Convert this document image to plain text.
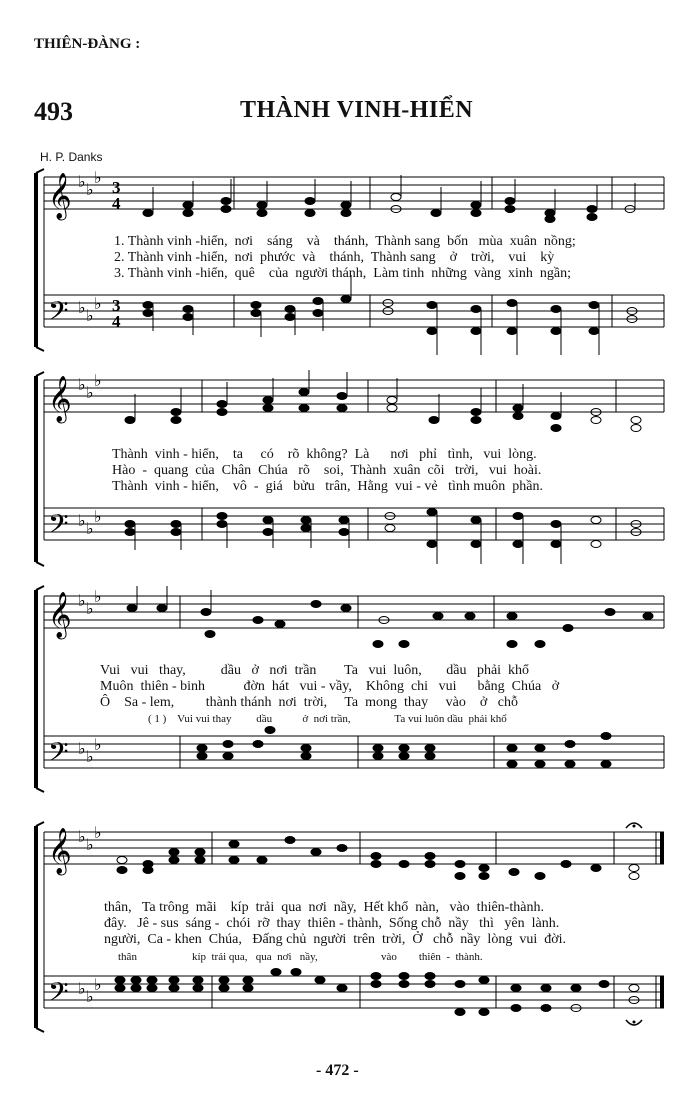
THIÊN-ĐÀNG :
493	THÀNH VINH-HIỂN
H. P. Danks
𝄞
𝄢
♭ ♭
♭
♭ ♭
♭
3
4
3
4
1. Thành vinh -hiển,  nơi    sáng    và    thánh,  Thành sang  bốn   mùa  xuân  nồng;
2. Thành vinh -hiển,  nơi  phước  và    thánh,  Thành sang    ở    trời,    vui    kỳ
3. Thành vinh -hiển,  quê    của  người thánh,  Làm tinh  những  vàng  xinh  ngần;
𝄞
𝄢
♭ ♭
♭
♭ ♭
♭
Thành  vinh - hiển,    ta     có    rõ  không?  Là      nơi   phỉ   tình,   vui  lòng.
Hào  -  quang  của  Chân  Chúa   rõ    soi,  Thành  xuân  cõi   trời,   vui  hoài.
Thành  vinh - hiển,    vô  -  giá   bửu   trân,  Hằng  vui - vẻ   tình muôn  phần.
𝄞
𝄢
♭ ♭
♭
♭ ♭
♭
Vui   vui   thay,          dầu   ở   nơi  trần        Ta   vui  luôn,       dầu   phải  khổ
Muôn  thiên - binh           đờn  hát   vui - vầy,    Không  chi   vui      bằng  Chúa   ở
Ô    Sa - lem,         thành thánh  nơi  trời,     Ta  mong  thay     vào    ở   chỗ
( 1 )    Vui vui thay         dầu           ở  nơi trần,                Ta vui luôn dầu  phải khổ
𝄞
𝄢
♭ ♭
♭
♭ ♭
♭
thân,   Ta trông  mãi    kíp  trải  qua  nơi  nầy,  Hết khổ  nàn,   vào  thiên-thành.
đây.   Jê - sus  sáng -  chói  rỡ  thay  thiên - thành,  Sống chỗ  nầy   thì   yên  lành.
người,  Ca - khen  Chúa,   Đấng chủ  người  trên  trời,  Ở   chỗ  nầy  lòng  vui  đời.
thân                    kíp  trải qua,   qua  nơi   nầy,                       vào        thiên  -  thành.
- 472 -
